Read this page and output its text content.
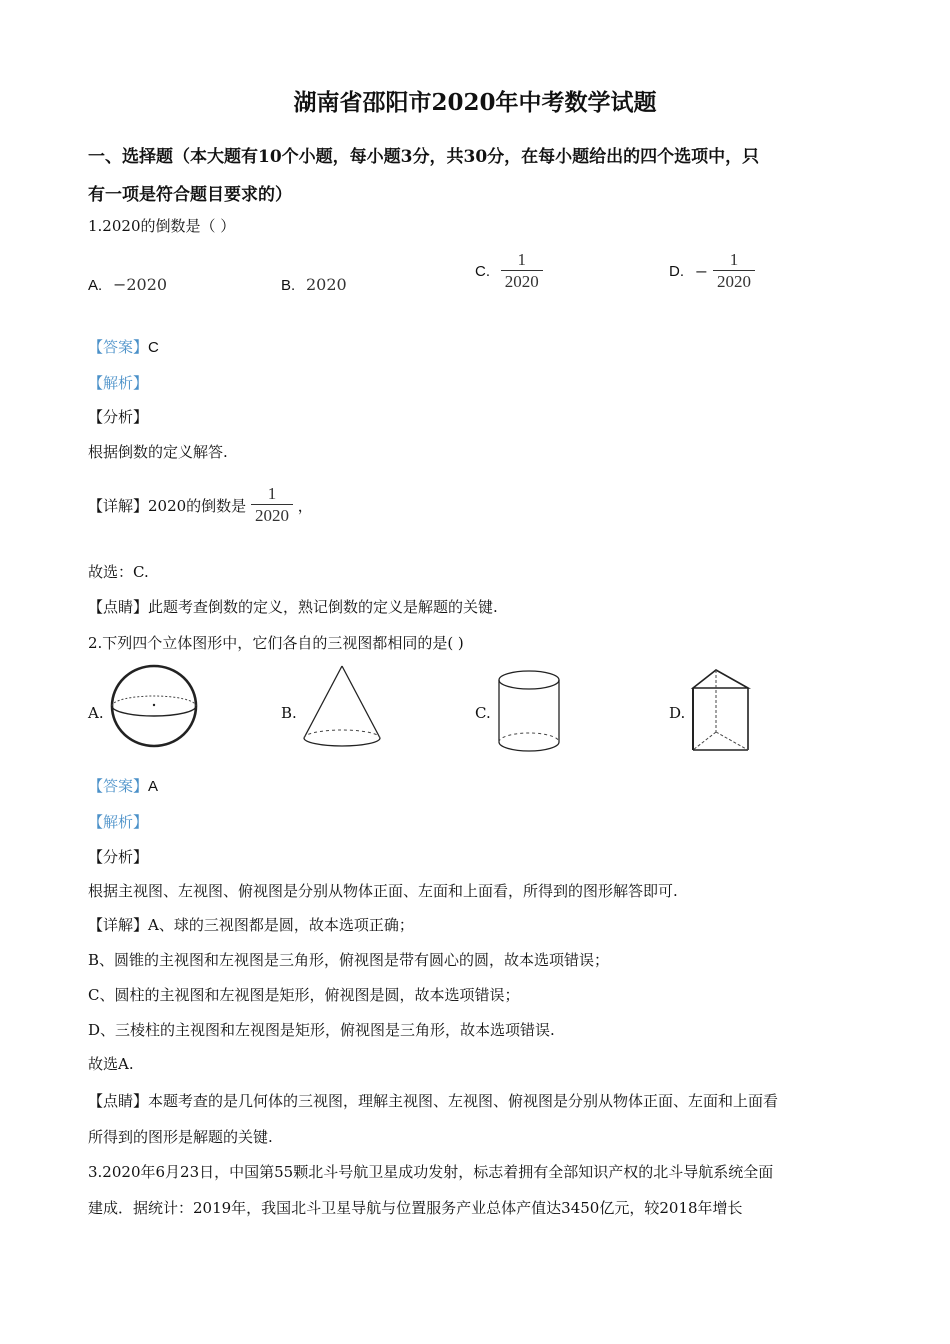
湖南省邵阳市2020年中考数学试题
一、选择题（本大题有10个小题，每小题3分，共30分，在每小题给出的四个选项中，只
有一项是符合题目要求的）
1.2020的倒数是（ ）
A. −2020	B. 2020
C. $\frac{1}{2020}$	D. − $\frac{1}{2020}$
【答案】C
【解析】
【分析】
根据倒数的定义解答.
【详解】2020的倒数是 $\frac{1}{2020}$ ，
故选：C.
【点睛】此题考查倒数的定义，熟记倒数的定义是解题的关键.
2.下列四个立体图形中，它们各自的三视图都相同的是( )
A.	B.	C.	D.
【答案】A
【解析】
【分析】
根据主视图、左视图、俯视图是分别从物体正面、左面和上面看，所得到的图形解答即可.
【详解】A、球的三视图都是圆，故本选项正确；
B、圆锥的主视图和左视图是三角形，俯视图是带有圆心的圆，故本选项错误；
C、圆柱的主视图和左视图是矩形，俯视图是圆，故本选项错误；
D、三棱柱的主视图和左视图是矩形，俯视图是三角形，故本选项错误.
故选A.
【点睛】本题考查的是几何体的三视图，理解主视图、左视图、俯视图是分别从物体正面、左面和上面看
所得到的图形是解题的关键.
3.2020年6月23日，中国第55颗北斗号航卫星成功发射，标志着拥有全部知识产权的北斗导航系统全面
建成．据统计：2019年，我国北斗卫星导航与位置服务产业总体产值达3450亿元，较2018年增长
